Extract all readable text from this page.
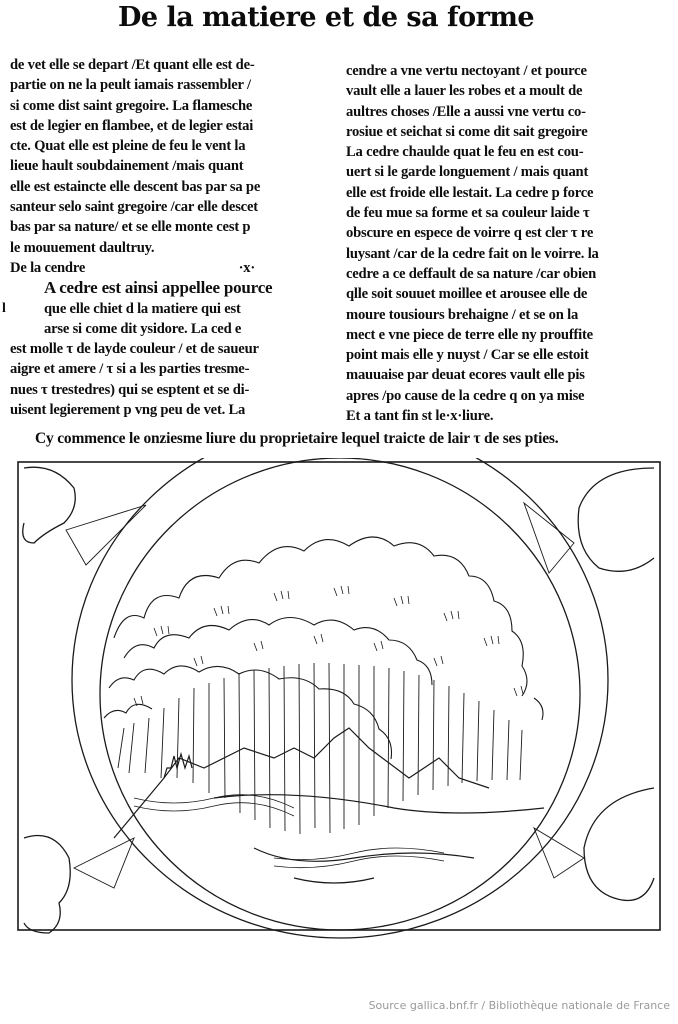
De la matiere et de sa forme
de vet elle se depart /Et quant elle est de-
partie on ne la peult iamais rassembler /
si come dist saint gregoire. La flamesche
est de legier en flambee, et de legier estai
cte. Quat elle est pleine de feu le vent la
lieue hault soubdainement /mais quant
elle est estaincte elle descent bas par sa pe
santeur selo saint gregoire /car elle descet
bas par sa nature/ et se elle monte cest p
le mouuement daultruy.
De la cendre	·x·
A cedre est ainsi appellee pource
l	que elle chiet d la matiere qui est
arse si come dit ysidore. La ced e
est molle τ de layde couleur / et de saueur
aigre et amere / τ si a les parties tresme-
nues τ trestedres) qui se esptent et se di-
uisent legierement p vng peu de vet. La
cendre a vne vertu nectoyant / et pource
vault elle a lauer les robes et a moult de
aultres choses /Elle a aussi vne vertu co-
rosiue et seichat si come dit sait gregoire
La cedre chaulde quat le feu en est cou-
uert si le garde longuement / mais quant
elle est froide elle lestait. La cedre p force
de feu mue sa forme et sa couleur laide τ
obscure en espece de voirre q est cler τ re
luysant /car de la cedre fait on le voirre. la
cedre a ce deffault de sa nature /car obien
qlle soit souuet moillee et arousee elle de
moure tousiours brehaigne / et se on la
mect e vne piece de terre elle ny prouffite
point mais elle y nuyst / Car se elle estoit
mauuaise par deuat ecores vault elle pis
apres /po cause de la cedre q on ya mise
Et a tant fin st le·x·liure.
Cy commence le onziesme liure du proprietaire lequel traicte de lair τ de ses pties.
Source gallica.bnf.fr / Bibliothèque nationale de France
